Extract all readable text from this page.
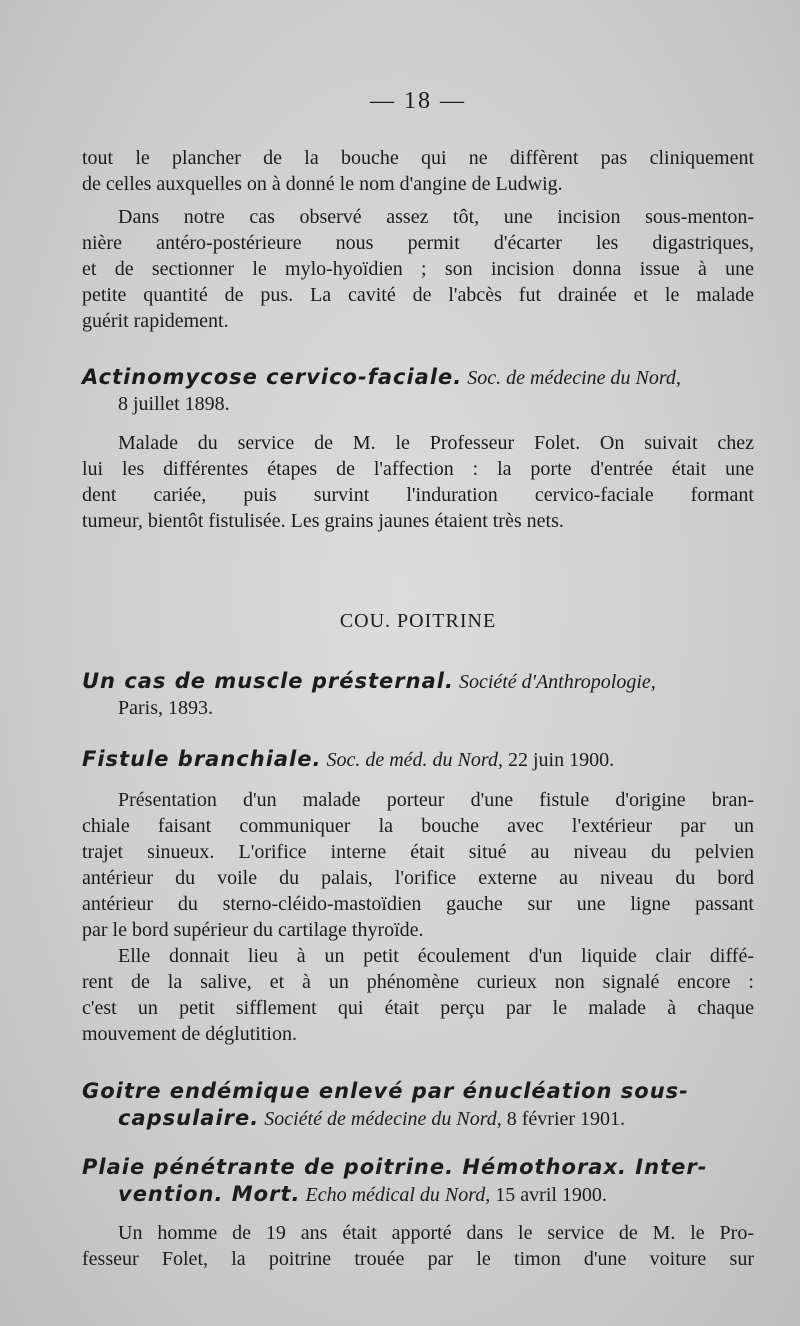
— 18 —
tout le plancher de la bouche qui ne diffèrent pas cliniquement
de celles auxquelles on à donné le nom d'angine de Ludwig.
Dans notre cas observé assez tôt, une incision sous-menton-
nière antéro-postérieure nous permit d'écarter les digastriques,
et de sectionner le mylo-hyoïdien ; son incision donna issue à une
petite quantité de pus. La cavité de l'abcès fut drainée et le malade
guérit rapidement.
Actinomycose cervico-faciale. Soc. de médecine du Nord,
8 juillet 1898.
Malade du service de M. le Professeur Folet. On suivait chez
lui les différentes étapes de l'affection : la porte d'entrée était une
dent cariée, puis survint l'induration cervico-faciale formant
tumeur, bientôt fistulisée. Les grains jaunes étaient très nets.
COU. POITRINE
Un cas de muscle présternal. Société d'Anthropologie,
Paris, 1893.
Fistule branchiale. Soc. de méd. du Nord, 22 juin 1900.
Présentation d'un malade porteur d'une fistule d'origine bran-
chiale faisant communiquer la bouche avec l'extérieur par un
trajet sinueux. L'orifice interne était situé au niveau du pelvien
antérieur du voile du palais, l'orifice externe au niveau du bord
antérieur du sterno-cléido-mastoïdien gauche sur une ligne passant
par le bord supérieur du cartilage thyroïde.
Elle donnait lieu à un petit écoulement d'un liquide clair diffé-
rent de la salive, et à un phénomène curieux non signalé encore :
c'est un petit sifflement qui était perçu par le malade à chaque
mouvement de déglutition.
Goitre endémique enlevé par énucléation sous-
capsulaire. Société de médecine du Nord, 8 février 1901.
Plaie pénétrante de poitrine. Hémothorax. Inter-
vention. Mort. Echo médical du Nord, 15 avril 1900.
Un homme de 19 ans était apporté dans le service de M. le Pro-
fesseur Folet, la poitrine trouée par le timon d'une voiture sur
